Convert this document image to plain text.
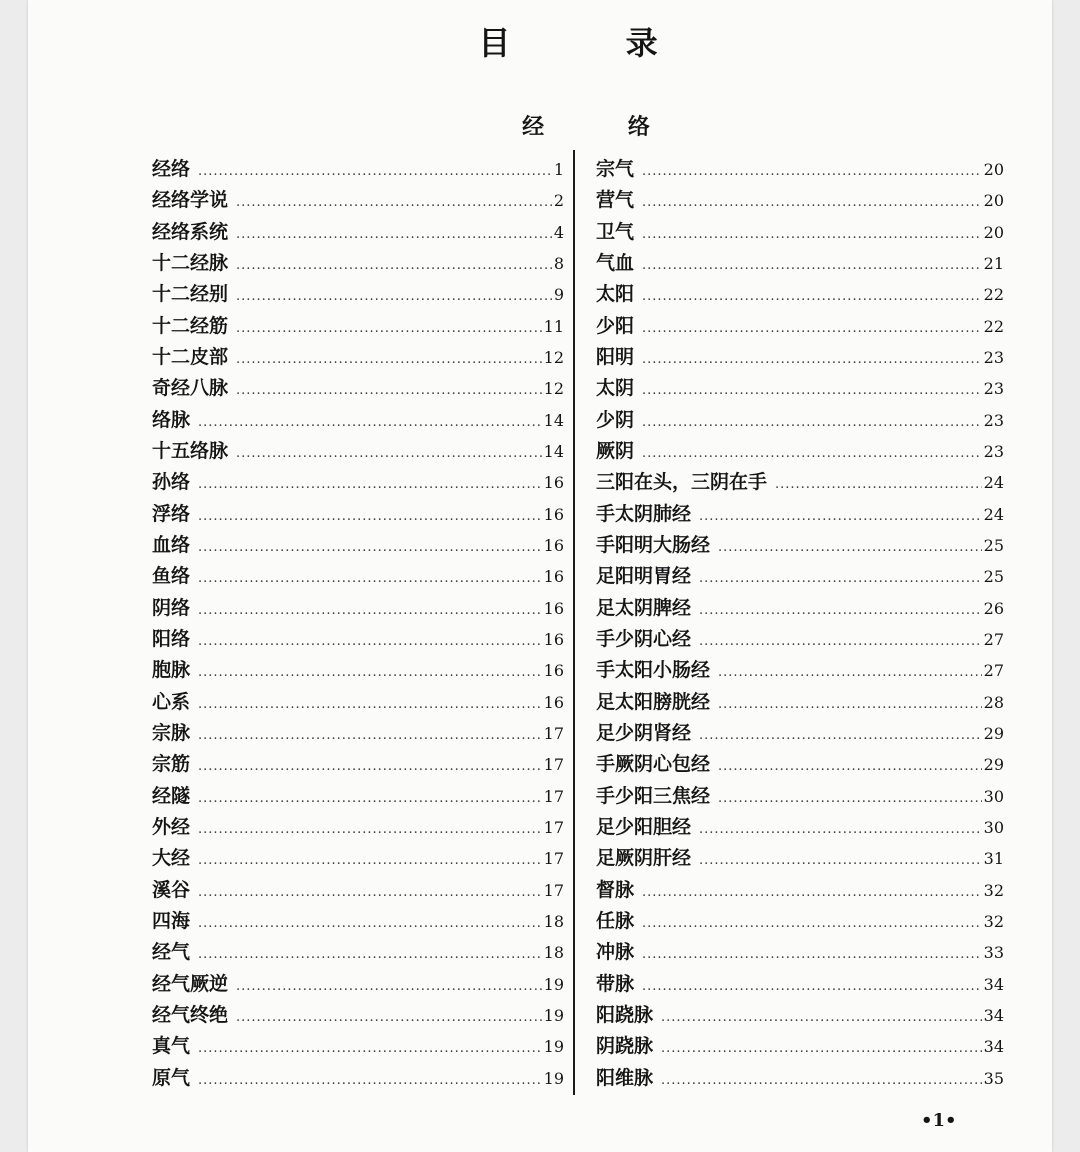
目 录
经 络
经络 .....	1
经络学说 .....	2
经络系统 .....	4
十二经脉 .....	8
十二经别 .....	9
十二经筋 .....	11
十二皮部 .....	12
奇经八脉 .....	12
络脉 .....	14
十五络脉 .....	14
孙络 .....	16
浮络 .....	16
血络 .....	16
鱼络 .....	16
阴络 .....	16
阳络 .....	16
胞脉 .....	16
心系 .....	16
宗脉 .....	17
宗筋 .....	17
经隧 .....	17
外经 .....	17
大经 .....	17
溪谷 .....	17
四海 .....	18
经气 .....	18
经气厥逆 .....	19
经气终绝 .....	19
真气 .....	19
原气 .....	19
宗气 .....	20
营气 .....	20
卫气 .....	20
气血 .....	21
太阳 .....	22
少阳 .....	22
阳明 .....	23
太阴 .....	23
少阴 .....	23
厥阴 .....	23
三阳在头，三阴在手 .....	24
手太阴肺经 .....	24
手阳明大肠经 .....	25
足阳明胃经 .....	25
足太阴脾经 .....	26
手少阴心经 .....	27
手太阳小肠经 .....	27
足太阳膀胱经 .....	28
足少阴肾经 .....	29
手厥阴心包经 .....	29
手少阳三焦经 .....	30
足少阳胆经 .....	30
足厥阴肝经 .....	31
督脉 .....	32
任脉 .....	32
冲脉 .....	33
带脉 .....	34
阳跷脉 .....	34
阴跷脉 .....	34
阳维脉 .....	35
•1•
